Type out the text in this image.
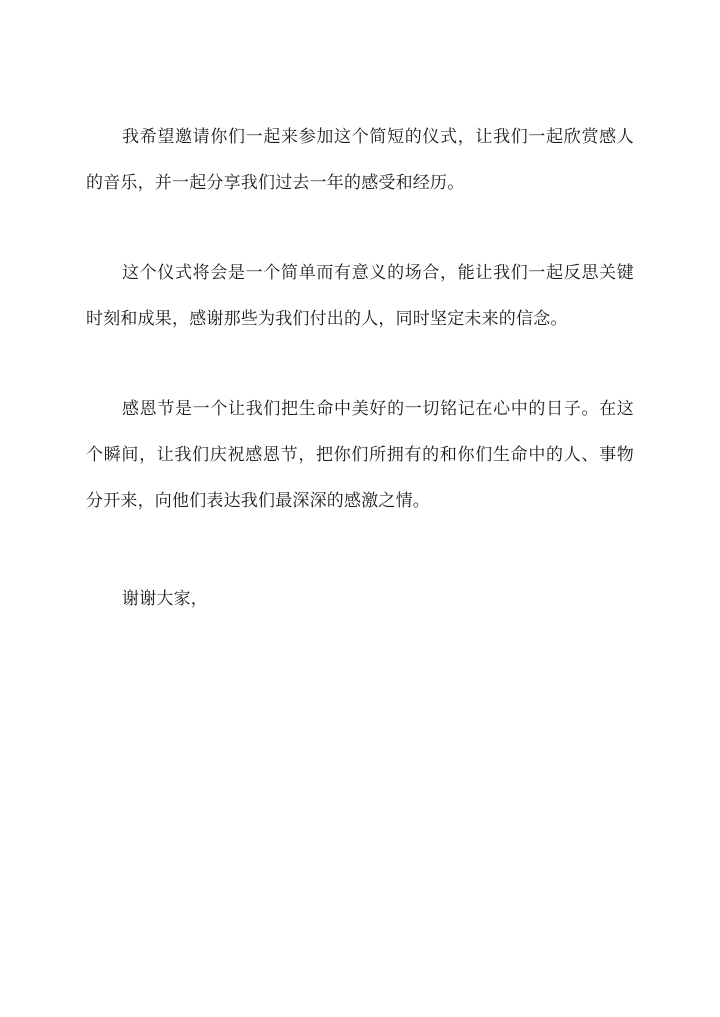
我希望邀请你们一起来参加这个简短的仪式，让我们一起欣赏感人的音乐，并一起分享我们过去一年的感受和经历。

这个仪式将会是一个简单而有意义的场合，能让我们一起反思关键时刻和成果，感谢那些为我们付出的人，同时坚定未来的信念。

感恩节是一个让我们把生命中美好的一切铭记在心中的日子。在这个瞬间，让我们庆祝感恩节，把你们所拥有的和你们生命中的人、事物分开来，向他们表达我们最深深的感激之情。

谢谢大家，
